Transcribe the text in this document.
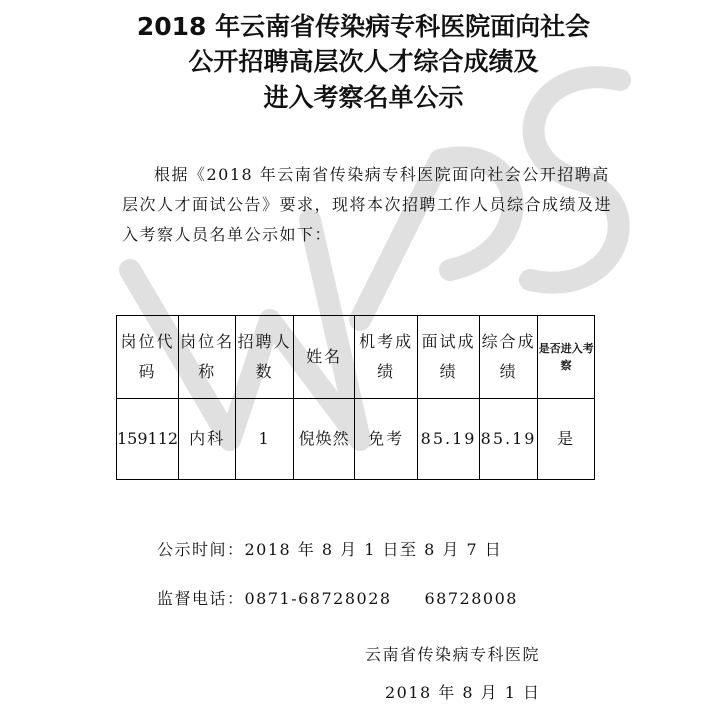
2018 年云南省传染病专科医院面向社会
公开招聘高层次人才综合成绩及
进入考察名单公示
根据《2018 年云南省传染病专科医院面向社会公开招聘高层次人才面试公告》要求，现将本次招聘工作人员综合成绩及进入考察人员名单公示如下：
岗位代码	岗位名称	招聘人数	姓名	机考成绩	面试成绩	综合成绩	是否进入考察
159112	内科	1	倪焕然	免考	85.19	85.19	是
公示时间：2018 年 8 月 1 日至 8 月 7 日
监督电话：0871-68728028     68728008
云南省传染病专科医院
2018 年 8 月 1 日
